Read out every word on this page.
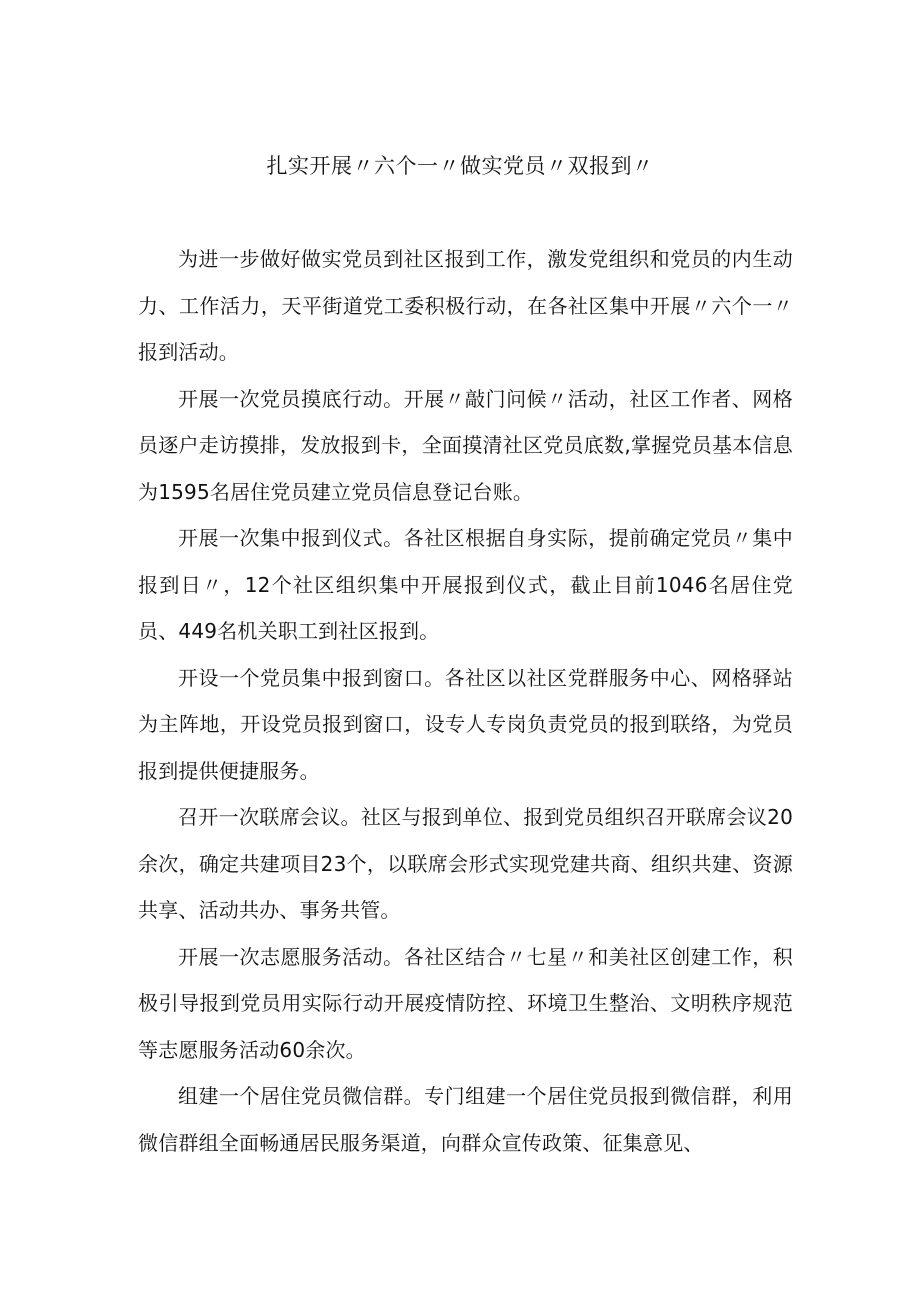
扎实开展〃六个一〃做实党员〃双报到〃

为进一步做好做实党员到社区报到工作，激发党组织和党员的内生动力、工作活力，天平街道党工委积极行动，在各社区集中开展〃六个一〃报到活动。

开展一次党员摸底行动。开展〃敲门问候〃活动，社区工作者、网格员逐户走访摸排，发放报到卡，全面摸清社区党员底数,掌握党员基本信息为1595名居住党员建立党员信息登记台账。

开展一次集中报到仪式。各社区根据自身实际，提前确定党员〃集中报到日〃，12个社区组织集中开展报到仪式，截止目前1046名居住党员、449名机关职工到社区报到。

开设一个党员集中报到窗口。各社区以社区党群服务中心、网格驿站为主阵地，开设党员报到窗口，设专人专岗负责党员的报到联络，为党员报到提供便捷服务。

召开一次联席会议。社区与报到单位、报到党员组织召开联席会议20余次，确定共建项目23个，以联席会形式实现党建共商、组织共建、资源共享、活动共办、事务共管。

开展一次志愿服务活动。各社区结合〃七星〃和美社区创建工作，积极引导报到党员用实际行动开展疫情防控、环境卫生整治、文明秩序规范等志愿服务活动60余次。

组建一个居住党员微信群。专门组建一个居住党员报到微信群，利用微信群组全面畅通居民服务渠道，向群众宣传政策、征集意见、
